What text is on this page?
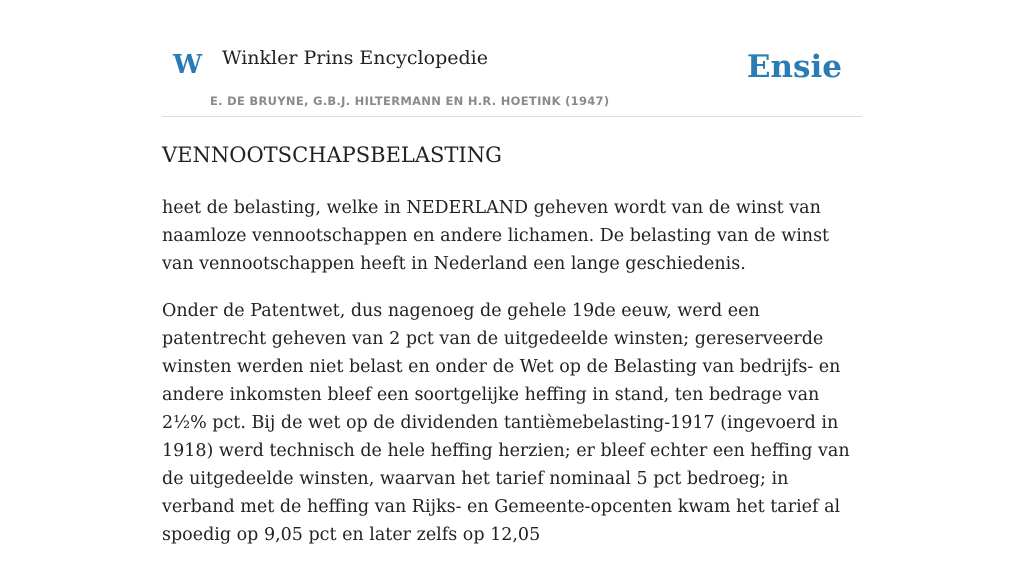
W Winkler Prins Encyclopedie
E. DE BRUYNE, G.B.J. HILTERMANN EN H.R. HOETINK (1947)
Ensie
VENNOOTSCHAPSBELASTING

heet de belasting, welke in NEDERLAND geheven wordt van de winst van naamloze vennootschappen en andere lichamen. De belasting van de winst van vennootschappen heeft in Nederland een lange geschiedenis.

Onder de Patentwet, dus nagenoeg de gehele 19de eeuw, werd een patentrecht geheven van 2 pct van de uitgedeelde winsten; gereserveerde winsten werden niet belast en onder de Wet op de Belasting van bedrijfs- en andere inkomsten bleef een soortgelijke heffing in stand, ten bedrage van 2½% pct. Bij de wet op de dividenden tantièmebelasting-1917 (ingevoerd in 1918) werd technisch de hele heffing herzien; er bleef echter een heffing van de uitgedeelde winsten, waarvan het tarief nominaal 5 pct bedroeg; in verband met de heffing van Rijks- en Gemeente-opcenten kwam het tarief al spoedig op 9,05 pct en later zelfs op 12,05
